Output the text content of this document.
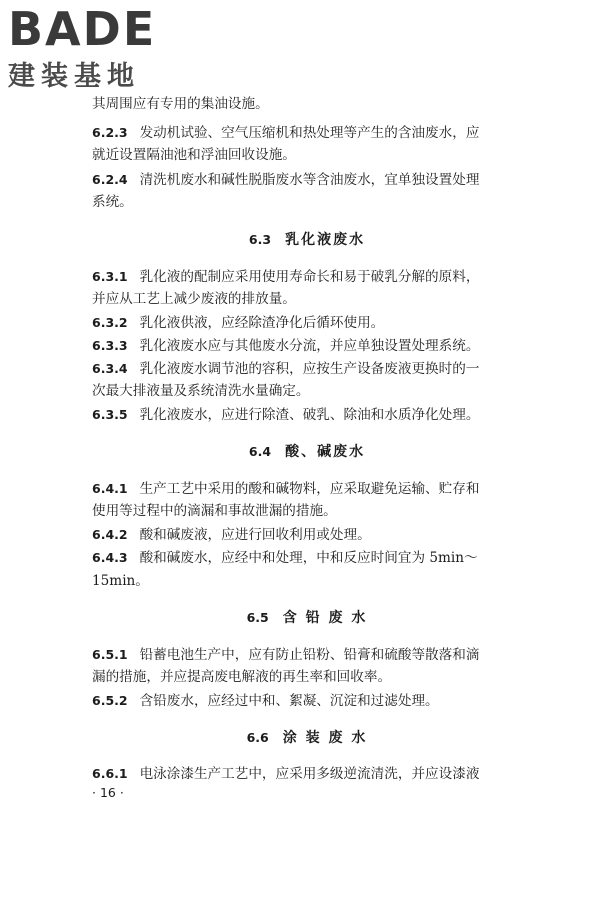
BADE
建装基地
其周围应有专用的集油设施。
6.2.3 发动机试验、空气压缩机和热处理等产生的含油废水，应
就近设置隔油池和浮油回收设施。
6.2.4 清洗机废水和碱性脱脂废水等含油废水，宜单独设置处理
系统。
6.3 乳化液废水
6.3.1 乳化液的配制应采用使用寿命长和易于破乳分解的原料，
并应从工艺上减少废液的排放量。
6.3.2 乳化液供液，应经除渣净化后循环使用。
6.3.3 乳化液废水应与其他废水分流，并应单独设置处理系统。
6.3.4 乳化液废水调节池的容积，应按生产设备废液更换时的一
次最大排液量及系统清洗水量确定。
6.3.5 乳化液废水，应进行除渣、破乳、除油和水质净化处理。
6.4 酸、碱废水
6.4.1 生产工艺中采用的酸和碱物料，应采取避免运输、贮存和
使用等过程中的滴漏和事故泄漏的措施。
6.4.2 酸和碱废液，应进行回收利用或处理。
6.4.3 酸和碱废水，应经中和处理，中和反应时间宜为 5min～
15min。
6.5 含 铅 废 水
6.5.1 铅蓄电池生产中，应有防止铅粉、铅膏和硫酸等散落和滴
漏的措施，并应提高废电解液的再生率和回收率。
6.5.2 含铅废水，应经过中和、絮凝、沉淀和过滤处理。
6.6 涂 装 废 水
6.6.1 电泳涂漆生产工艺中，应采用多级逆流清洗，并应设漆液
· 16 ·
